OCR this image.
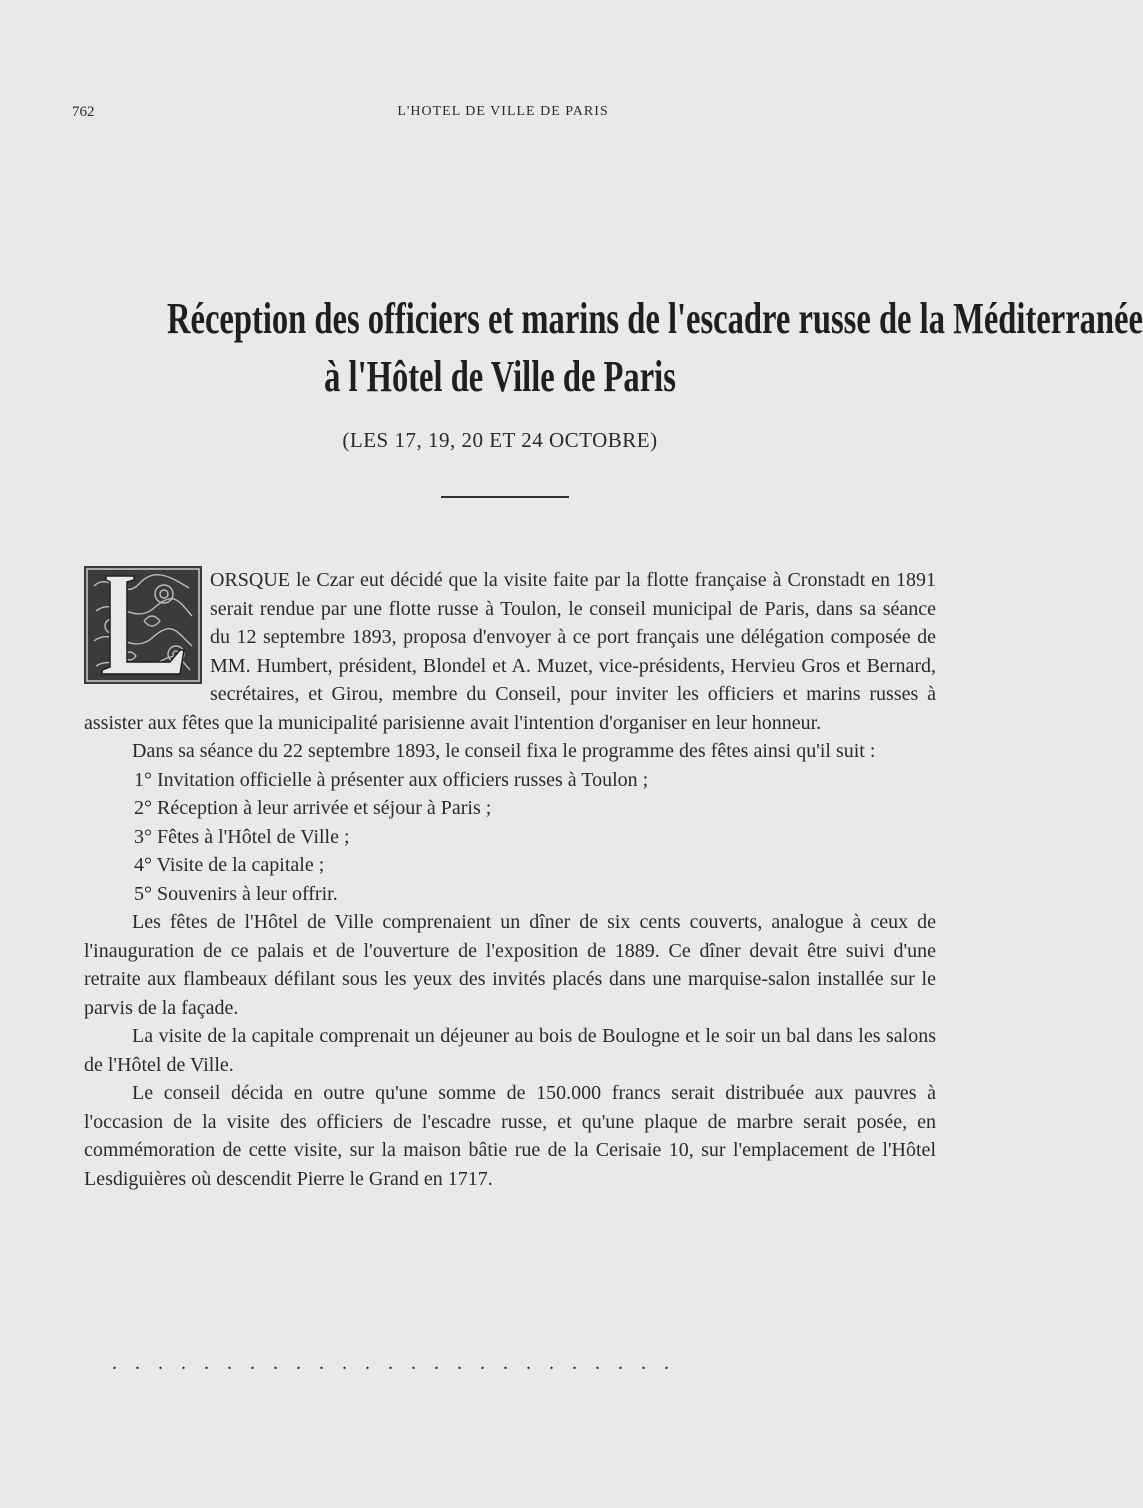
762	L'HOTEL DE VILLE DE PARIS
Réception des officiers et marins de l'escadre russe de la Méditerranée
à l'Hôtel de Ville de Paris
(LES 17, 19, 20 ET 24 OCTOBRE)

ORSQUE le Czar eut décidé que la visite faite par la flotte française à Cronstadt en 1891 serait rendue par une flotte russe à Toulon, le conseil municipal de Paris, dans sa séance du 12 septembre 1893, proposa d'envoyer à ce port français une délégation composée de MM. Humbert, président, Blondel et A. Muzet, vice-présidents, Hervieu Gros et Bernard, secrétaires, et Girou, membre du Conseil, pour inviter les officiers et marins russes à assister aux fêtes que la municipalité parisienne avait l'intention d'organiser en leur honneur.

Dans sa séance du 22 septembre 1893, le conseil fixa le programme des fêtes ainsi qu'il suit :

1° Invitation officielle à présenter aux officiers russes à Toulon ;

2° Réception à leur arrivée et séjour à Paris ;

3° Fêtes à l'Hôtel de Ville ;

4° Visite de la capitale ;

5° Souvenirs à leur offrir.

Les fêtes de l'Hôtel de Ville comprenaient un dîner de six cents couverts, analogue à ceux de l'inauguration de ce palais et de l'ouverture de l'exposition de 1889. Ce dîner devait être suivi d'une retraite aux flambeaux défilant sous les yeux des invités placés dans une marquise-salon installée sur le parvis de la façade.

La visite de la capitale comprenait un déjeuner au bois de Boulogne et le soir un bal dans les salons de l'Hôtel de Ville.

Le conseil décida en outre qu'une somme de 150.000 francs serait distribuée aux pauvres à l'occasion de la visite des officiers de l'escadre russe, et qu'une plaque de marbre serait posée, en commémoration de cette visite, sur la maison bâtie rue de la Cerisaie 10, sur l'emplacement de l'Hôtel Lesdiguières où descendit Pierre le Grand en 1717.

.........................
